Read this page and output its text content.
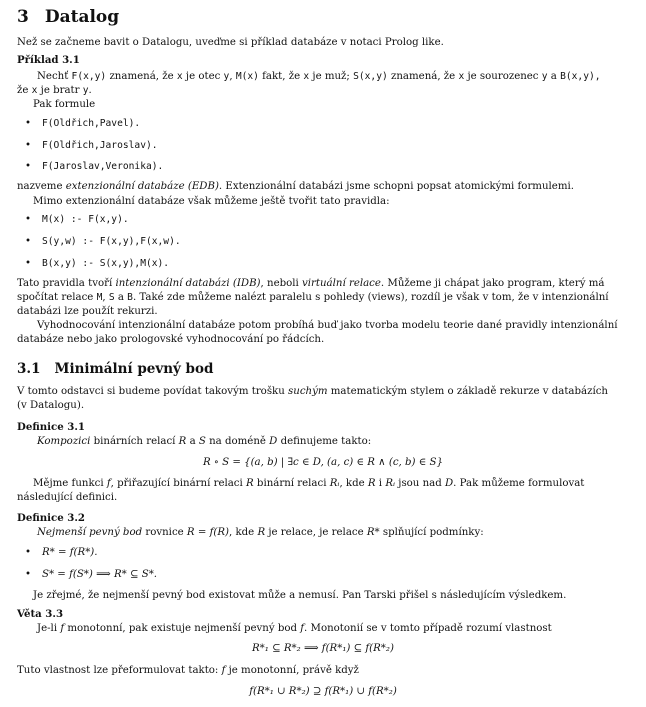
3 Datalog

Než se začneme bavit o Datalogu, uveďme si příklad databáze v notaci Prolog like.

Příklad 3.1

Nechť F(x,y) znamená, že x je otec y, M(x) fakt, že x je muž; S(x,y) znamená, že x je sourozenec y a B(x,y),

že x je bratr y.

Pak formule

• F(Oldřich,Pavel).
• F(Oldřich,Jaroslav).
• F(Jaroslav,Veronika).

nazveme extenzionální databáze (EDB). Extenzionální databázi jsme schopni popsat atomickými formulemi.

Mimo extenzionální databáze však můžeme ještě tvořit tato pravidla:

• M(x) :- F(x,y).
• S(y,w) :- F(x,y),F(x,w).
• B(x,y) :- S(x,y),M(x).

Tato pravidla tvoří intenzionální databázi (IDB), neboli virtuální relace. Můžeme ji chápat jako program, který má

spočítat relace M, S a B. Také zde můžeme nalézt paralelu s pohledy (views), rozdíl je však v tom, že v intenzionální

databázi lze použít rekurzi.

Vyhodnocování intenzionální databáze potom probíhá buď jako tvorba modelu teorie dané pravidly intenzionální

databáze nebo jako prologovské vyhodnocování po řádcích.

3.1 Minimální pevný bod

V tomto odstavci si budeme povídat takovým trošku suchým matematickým stylem o základě rekurze v databázích

(v Datalogu).

Definice 3.1

Kompozici binárních relací R a S na doméně D definujeme takto:

R ∘ S = {(a, b) | ∃c ∈ D, (a, c) ∈ R ∧ (c, b) ∈ S}

Mějme funkci f, přiřazující binární relaci R binární relaci Rᵢ, kde R i Rᵢ jsou nad D. Pak můžeme formulovat

následující definici.

Definice 3.2

Nejmenší pevný bod rovnice R = f(R), kde R je relace, je relace R* splňující podmínky:

• R* = f(R*).
• S* = f(S*) ⟹ R* ⊆ S*.

Je zřejmé, že nejmenší pevný bod existovat může a nemusí. Pan Tarski přišel s následujícím výsledkem.

Věta 3.3

Je-li f monotonní, pak existuje nejmenší pevný bod f. Monotonií se v tomto případě rozumí vlastnost

R*₁ ⊆ R*₂ ⟹ f(R*₁) ⊆ f(R*₂)

Tuto vlastnost lze přeformulovat takto: f je monotonní, právě když

f(R*₁ ∪ R*₂) ⊇ f(R*₁) ∪ f(R*₂)
